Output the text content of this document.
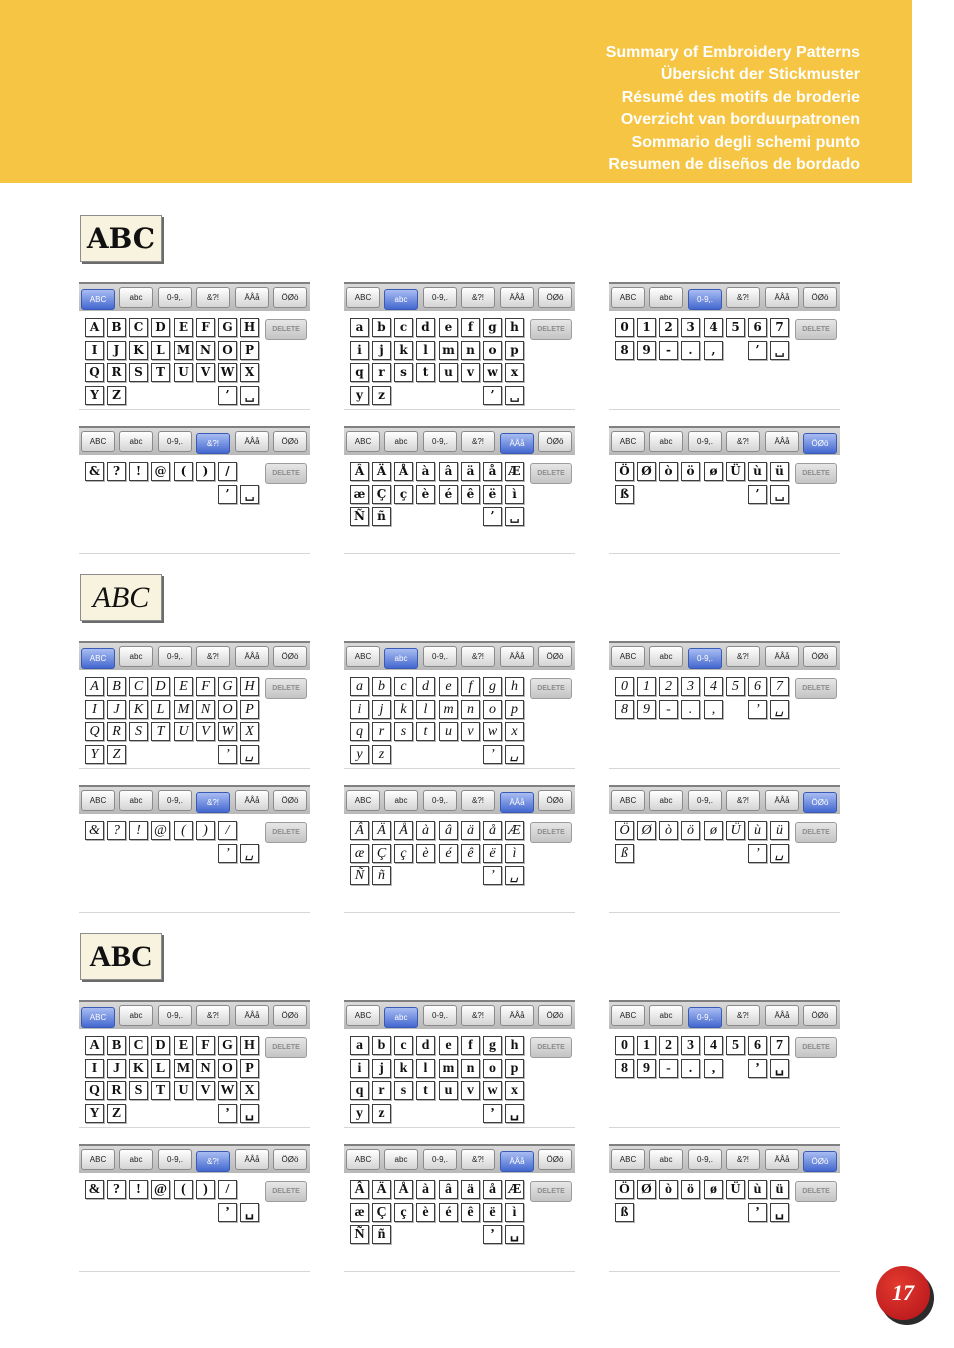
Summary of Embroidery Patterns
Übersicht der Stickmuster
Résumé des motifs de broderie
Overzicht van borduurpatronen
Sommario degli schemi punto
Resumen de diseños de bordado
ABC
ABC	abc	0-9,.	&?!	ÄÅå	ÖØö
A	B	C	D	E	F	G H
I	J	K	L	M N O	P
Q R	S	T	U	V W X
Y	Z	’	␣
DELETE
ABC	abc	0-9,.	&?!	ÄÅå	ÖØö
a	b	c	d	e	f	g	h
i	j	k	l	m n	o	p
q	r	s	t	u	v	w	x
y	z	’	␣
DELETE
ABC	abc	0-9,.	&?!	ÄÅå	ÖØö
0	1	2	3	4	5	6	7
8	9	-	.	,	’	␣
DELETE
ABC	abc	0-9,.	&?!	ÄÅå	ÖØö
&	?	!	@	(	)	/
’	␣
DELETE
ABC	abc	0-9,.	&?!	ÄÅå	ÖØö
Â	Ä	Å	à	â	ä	å Æ
æ Ç	ç	è	é	ê	ë	ì
Ñ	ñ	’	␣
DELETE
ABC	abc	0-9,.	&?!	ÄÅå	ÖØö
Ö Ø	ò	ö	ø	Ü	ù	ü
ß	’	␣
DELETE
ABC
ABC	abc	0-9,.	&?!	ÄÅå	ÖØö
A B C D E F G H
I	J	K L M N O P
Q R	S	T	U V W X
Y	Z	’	␣
DELETE
ABC	abc	0-9,.	&?!	ÄÅå	ÖØö
a	b	c	d	e	f	g	h
i	j	k	l	m n	o	p
q	r	s	t	u	v	w	x
y	z	’	␣
DELETE
ABC	abc	0-9,.	&?!	ÄÅå	ÖØö
0	1	2	3	4	5	6	7
8	9	-	.	,	’	␣
DELETE
ABC	abc	0-9,.	&?!	ÄÅå	ÖØö
& ?	! @	(	)	/
’	␣
DELETE
ABC	abc	0-9,.	&?!	ÄÅå	ÖØö
Â Ä Å	à	â	ä	å Æ
æ Ç	ç	è	é	ê	ë	ì
Ñ ñ	’	␣
DELETE
ABC	abc	0-9,.	&?!	ÄÅå	ÖØö
Ö Ø ò	ö	ø Ü ù	ü
ß	’	␣
DELETE
ABC
ABC	abc	0-9,.	&?!	ÄÅå	ÖØö
A B C D E F G H
I	J K L M N O P
Q R S T U V W X
Y Z	’	␣
DELETE
ABC	abc	0-9,.	&?!	ÄÅå	ÖØö
a	b	c	d	e	f	g	h
i	j	k	l	m n	o	p
q	r	s	t	u	v w x
y	z	’	␣
DELETE
ABC	abc	0-9,.	&?!	ÄÅå	ÖØö
0	1	2	3	4	5	6	7
8	9	-	.	,	’	␣
DELETE
ABC	abc	0-9,.	&?!	ÄÅå	ÖØö
& ?	! @	(	)	/
’	␣
DELETE
ABC	abc	0-9,.	&?!	ÄÅå	ÖØö
Â Ä Å à	â	ä	å Æ
æ Ç ç	è	é	ê	ë	ì
Ñ ñ	’	␣
DELETE
ABC	abc	0-9,.	&?!	ÄÅå	ÖØö
Ö Ø ò	ö	ø Ü ù	ü
ß	’	␣
DELETE
17
